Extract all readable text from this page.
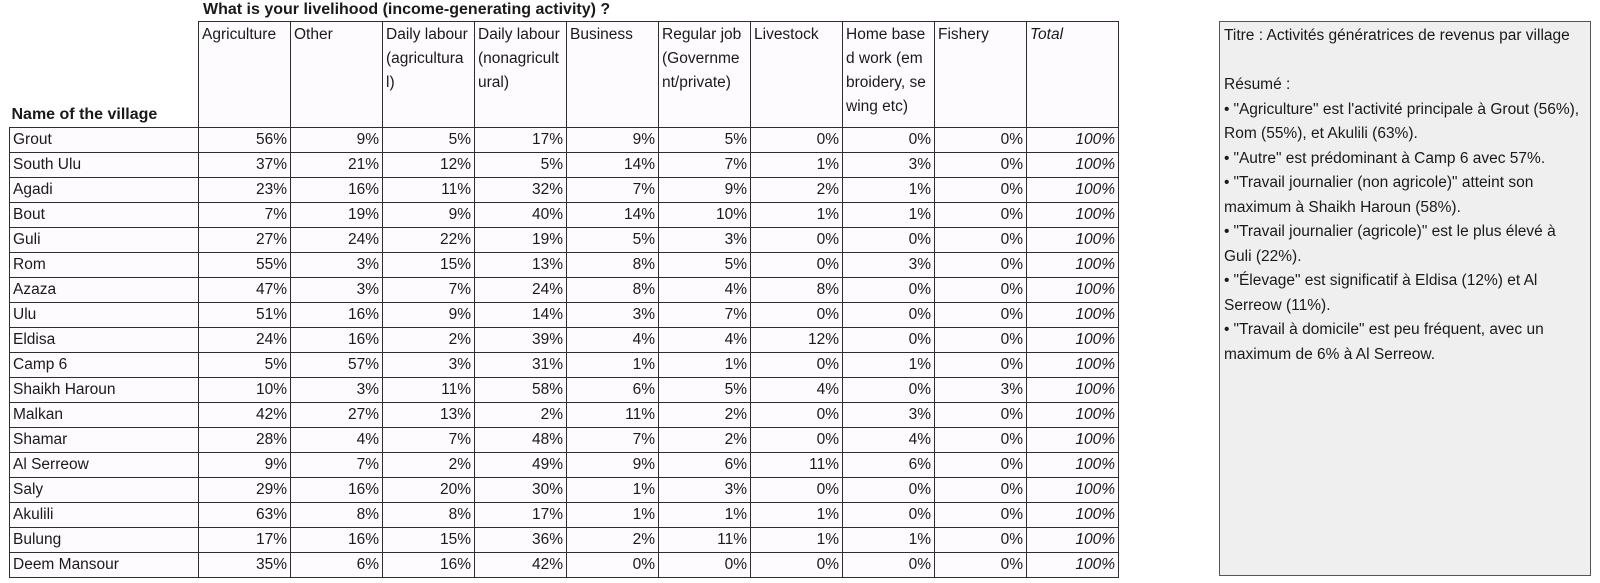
What is your livelihood (income-generating activity) ?
Name of the village	Agriculture	Other	Daily labour (agricultural)	Daily labour (nonagricultural)	Business	Regular job (Government/private)	Livestock	Home based work (embroidery, sewing etc)	Fishery	Total
Grout	56%	9%	5%	17%	9%	5%	0%	0%	0%	100%
South Ulu	37%	21%	12%	5%	14%	7%	1%	3%	0%	100%
Agadi	23%	16%	11%	32%	7%	9%	2%	1%	0%	100%
Bout	7%	19%	9%	40%	14%	10%	1%	1%	0%	100%
Guli	27%	24%	22%	19%	5%	3%	0%	0%	0%	100%
Rom	55%	3%	15%	13%	8%	5%	0%	3%	0%	100%
Azaza	47%	3%	7%	24%	8%	4%	8%	0%	0%	100%
Ulu	51%	16%	9%	14%	3%	7%	0%	0%	0%	100%
Eldisa	24%	16%	2%	39%	4%	4%	12%	0%	0%	100%
Camp 6	5%	57%	3%	31%	1%	1%	0%	1%	0%	100%
Shaikh Haroun	10%	3%	11%	58%	6%	5%	4%	0%	3%	100%
Malkan	42%	27%	13%	2%	11%	2%	0%	3%	0%	100%
Shamar	28%	4%	7%	48%	7%	2%	0%	4%	0%	100%
Al Serreow	9%	7%	2%	49%	9%	6%	11%	6%	0%	100%
Saly	29%	16%	20%	30%	1%	3%	0%	0%	0%	100%
Akulili	63%	8%	8%	17%	1%	1%	1%	0%	0%	100%
Bulung	17%	16%	15%	36%	2%	11%	1%	1%	0%	100%
Deem Mansour	35%	6%	16%	42%	0%	0%	0%	0%	0%	100%
Titre : Activités génératrices de revenus par village
Résumé :
• "Agriculture" est l'activité principale à Grout (56%), Rom (55%), et Akulili (63%).
• "Autre" est prédominant à Camp 6 avec 57%.
• "Travail journalier (non agricole)" atteint son maximum à Shaikh Haroun (58%).
• "Travail journalier (agricole)" est le plus élevé à Guli (22%).
• "Élevage" est significatif à Eldisa (12%) et Al Serreow (11%).
• "Travail à domicile" est peu fréquent, avec un maximum de 6% à Al Serreow.
